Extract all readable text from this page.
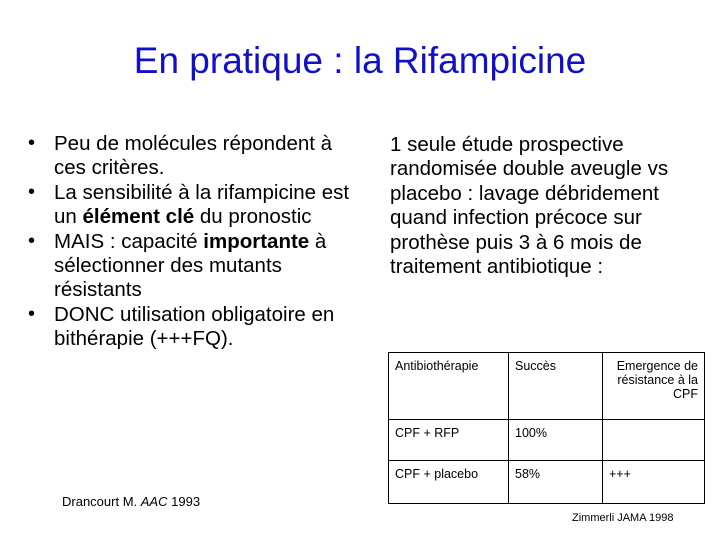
En pratique : la Rifampicine
• Peu de molécules répondent à ces critères.
• La sensibilité à la rifampicine est un élément clé du pronostic
• MAIS : capacité importante à sélectionner des mutants résistants
• DONC utilisation obligatoire en bithérapie (+++FQ).
1 seule étude prospective randomisée double aveugle vs placebo : lavage débridement quand infection précoce sur prothèse puis 3 à 6 mois de traitement antibiotique :
Antibiothérapie	Succès	Emergence de résistance à la CPF
CPF + RFP	100%	
CPF + placebo	58%	+++
Drancourt M. AAC 1993
Zimmerli JAMA 1998
